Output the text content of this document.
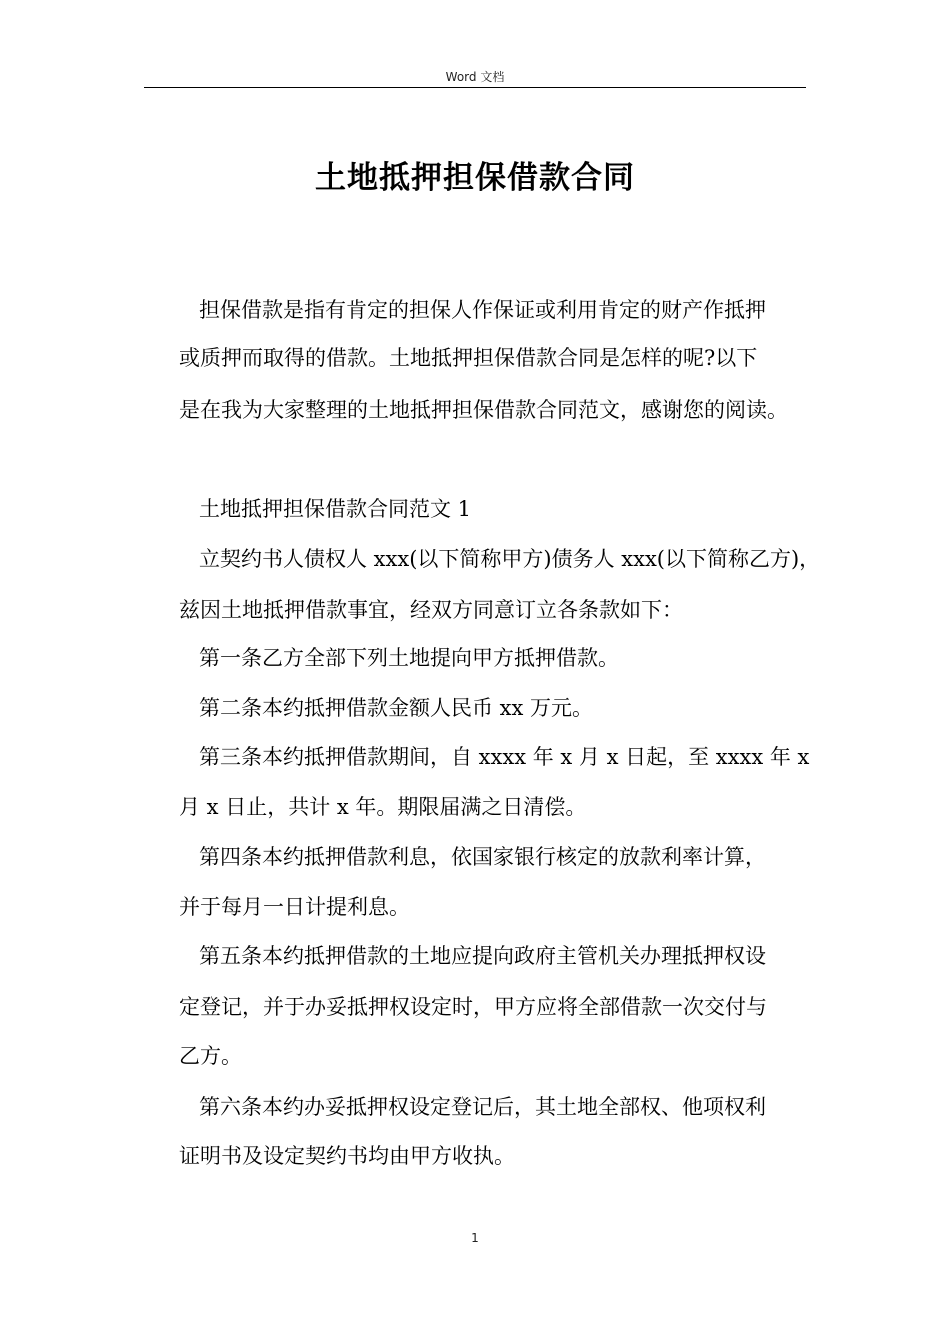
Word 文档
土地抵押担保借款合同
担保借款是指有肯定的担保人作保证或利用肯定的财产作抵押
或质押而取得的借款。土地抵押担保借款合同是怎样的呢?以下
是在我为大家整理的土地抵押担保借款合同范文，感谢您的阅读。
土地抵押担保借款合同范文 1
立契约书人债权人 xxx(以下简称甲方)债务人 xxx(以下简称乙方)，
兹因土地抵押借款事宜，经双方同意订立各条款如下：
第一条乙方全部下列土地提向甲方抵押借款。
第二条本约抵押借款金额人民币 xx 万元。
第三条本约抵押借款期间，自 xxxx 年 x 月 x 日起，至 xxxx 年 x
月 x 日止，共计 x 年。期限届满之日清偿。
第四条本约抵押借款利息，依国家银行核定的放款利率计算，
并于每月一日计提利息。
第五条本约抵押借款的土地应提向政府主管机关办理抵押权设
定登记，并于办妥抵押权设定时，甲方应将全部借款一次交付与
乙方。
第六条本约办妥抵押权设定登记后，其土地全部权、他项权利
证明书及设定契约书均由甲方收执。
1
